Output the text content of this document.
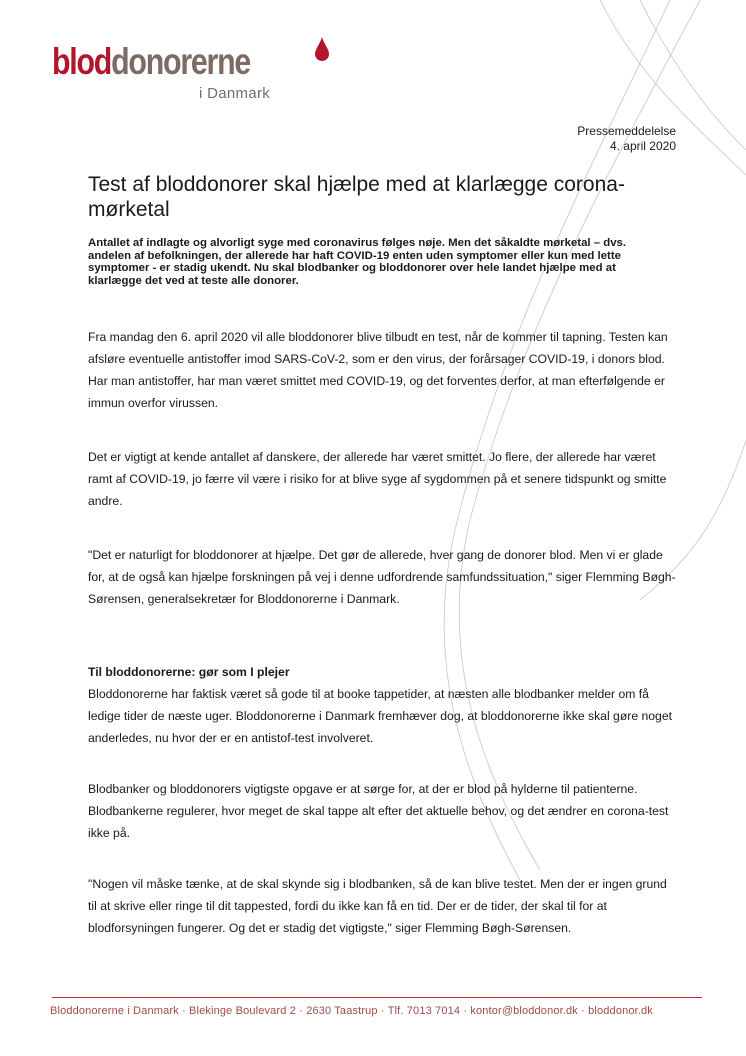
bloddonorerne
i Danmark
Pressemeddelelse
4. april 2020
Test af bloddonorer skal hjælpe med at klarlægge corona-mørketal

Antallet af indlagte og alvorligt syge med coronavirus følges nøje. Men det såkaldte mørketal – dvs. andelen af befolkningen, der allerede har haft COVID-19 enten uden symptomer eller kun med lette symptomer - er stadig ukendt. Nu skal blodbanker og bloddonorer over hele landet hjælpe med at klarlægge det ved at teste alle donorer.

Fra mandag den 6. april 2020 vil alle bloddonorer blive tilbudt en test, når de kommer til tapning. Testen kan afsløre eventuelle antistoffer imod SARS-CoV-2, som er den virus, der forårsager COVID-19, i donors blod. Har man antistoffer, har man været smittet med COVID-19, og det forventes derfor, at man efterfølgende er immun overfor virussen.

Det er vigtigt at kende antallet af danskere, der allerede har været smittet. Jo flere, der allerede har været ramt af COVID-19, jo færre vil være i risiko for at blive syge af sygdommen på et senere tidspunkt og smitte andre.

"Det er naturligt for bloddonorer at hjælpe. Det gør de allerede, hver gang de donorer blod. Men vi er glade for, at de også kan hjælpe forskningen på vej i denne udfordrende samfundssituation," siger Flemming Bøgh-Sørensen, generalsekretær for Bloddonorerne i Danmark.

Til bloddonorerne: gør som I plejer

Bloddonorerne har faktisk været så gode til at booke tappetider, at næsten alle blodbanker melder om få ledige tider de næste uger. Bloddonorerne i Danmark fremhæver dog, at bloddonorerne ikke skal gøre noget anderledes, nu hvor der er en antistof-test involveret.

Blodbanker og bloddonorers vigtigste opgave er at sørge for, at der er blod på hylderne til patienterne. Blodbankerne regulerer, hvor meget de skal tappe alt efter det aktuelle behov, og det ændrer en corona-test ikke på.

"Nogen vil måske tænke, at de skal skynde sig i blodbanken, så de kan blive testet. Men der er ingen grund til at skrive eller ringe til dit tappested, fordi du ikke kan få en tid. Der er de tider, der skal til for at blodforsyningen fungerer. Og det er stadig det vigtigste," siger Flemming Bøgh-Sørensen.

Bloddonorerne i Danmark · Blekinge Boulevard 2 · 2630 Taastrup · Tlf. 7013 7014 · kontor@bloddonor.dk · bloddonor.dk
